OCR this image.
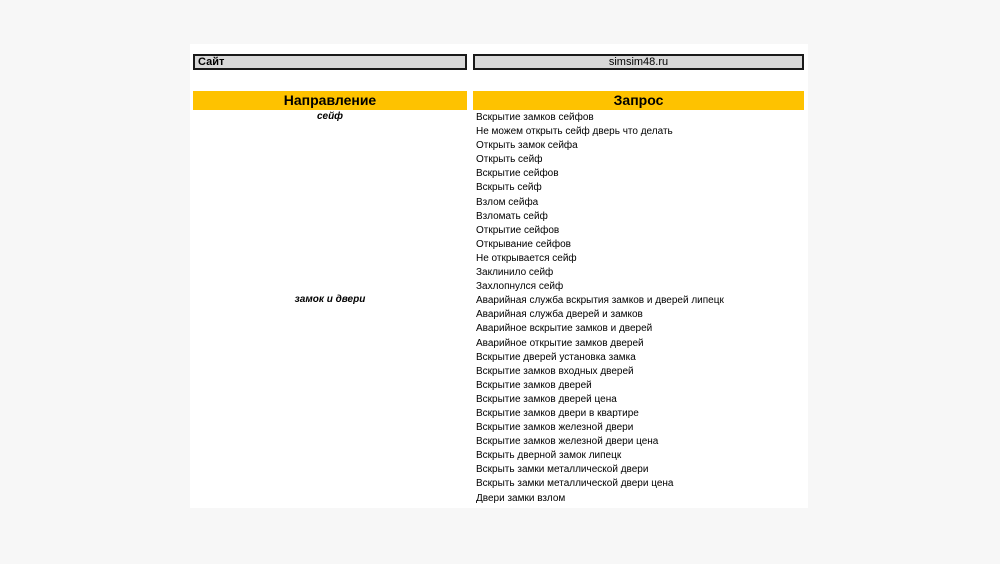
Сайт	simsim48.ru
Направление	Запрос
сейф
замок и двери
Вскрытие замков сейфов
Не можем открыть сейф дверь что делать
Открыть замок сейфа
Открыть сейф
Вскрытие сейфов
Вскрыть сейф
Взлом сейфа
Взломать сейф
Открытие сейфов
Открывание сейфов
Не открывается сейф
Заклинило сейф
Захлопнулся сейф
Аварийная служба вскрытия замков и дверей липецк
Аварийная служба дверей и замков
Аварийное вскрытие замков и дверей
Аварийное открытие замков дверей
Вскрытие дверей установка замка
Вскрытие замков входных дверей
Вскрытие замков дверей
Вскрытие замков дверей цена
Вскрытие замков двери в квартире
Вскрытие замков железной двери
Вскрытие замков железной двери цена
Вскрыть дверной замок липецк
Вскрыть замки металлической двери
Вскрыть замки металлической двери цена
Двери замки взлом
